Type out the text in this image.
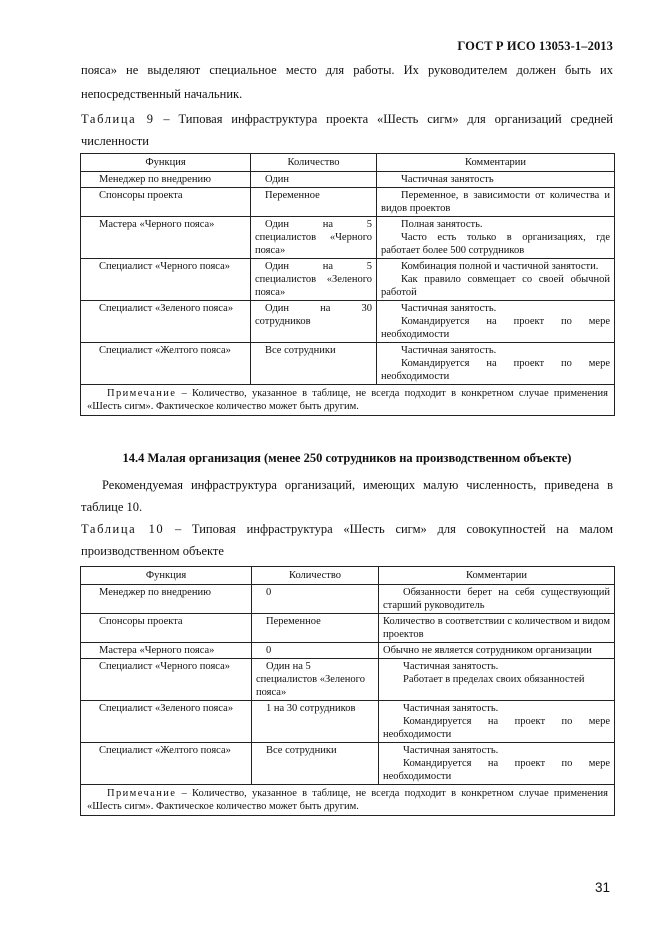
ГОСТ Р ИСО 13053-1–2013

пояса» не выделяют специальное место для работы. Их руководителем должен быть их

непосредственный начальник.

Таблица 9 – Типовая инфраструктура проекта «Шесть сигм» для организаций средней численности

Функция	Количество	Комментарии
Менеджер по внедрению	Один	Частичная занятость
Спонсоры проекта	Переменное	Переменное, в зависимости от количества и видов проектов
Мастера «Черного пояса»	Один на 5 специалистов «Черного пояса»	Полная занятость.
Часто есть только в организациях, где работает более 500 сотрудников

Специалист «Черного пояса»	Один на 5 специалистов «Зеленого пояса»	Комбинация полной и частичной занятости.
Как правило совмещает со своей обычной работой

Специалист «Зеленого пояса»	Один на 30 сотрудников	Частичная занятость.
Командируется на проект по мере необходимости

Специалист «Желтого пояса»	Все сотрудники	Частичная занятость.
Командируется на проект по мере необходимости

Примечание – Количество, указанное в таблице, не всегда подходит в конкретном случае применения «Шесть сигм». Фактическое количество может быть другим.		

14.4 Малая организация (менее 250 сотрудников на производственном объекте)

Рекомендуемая инфраструктура организаций, имеющих малую численность, приведена в таблице 10.

Таблица 10 – Типовая инфраструктура «Шесть сигм» для совокупностей на малом производственном объекте

Функция	Количество	Комментарии
Менеджер по внедрению	0	Обязанности берет на себя существующий старший руководитель
Спонсоры проекта	Переменное	Количество в соответствии с количеством и видом проектов
Мастера «Черного пояса»	0	Обычно не является сотрудником организации
Специалист «Черного пояса»	Один на 5 специалистов «Зеленого пояса»	Частичная занятость.
Работает в пределах своих обязанностей

Специалист «Зеленого пояса»	1 на 30 сотрудников	Частичная занятость.
Командируется на проект по мере необходимости

Специалист «Желтого пояса»	Все сотрудники	Частичная занятость.
Командируется на проект по мере необходимости

Примечание – Количество, указанное в таблице, не всегда подходит в конкретном случае применения «Шесть сигм». Фактическое количество может быть другим.		
31
